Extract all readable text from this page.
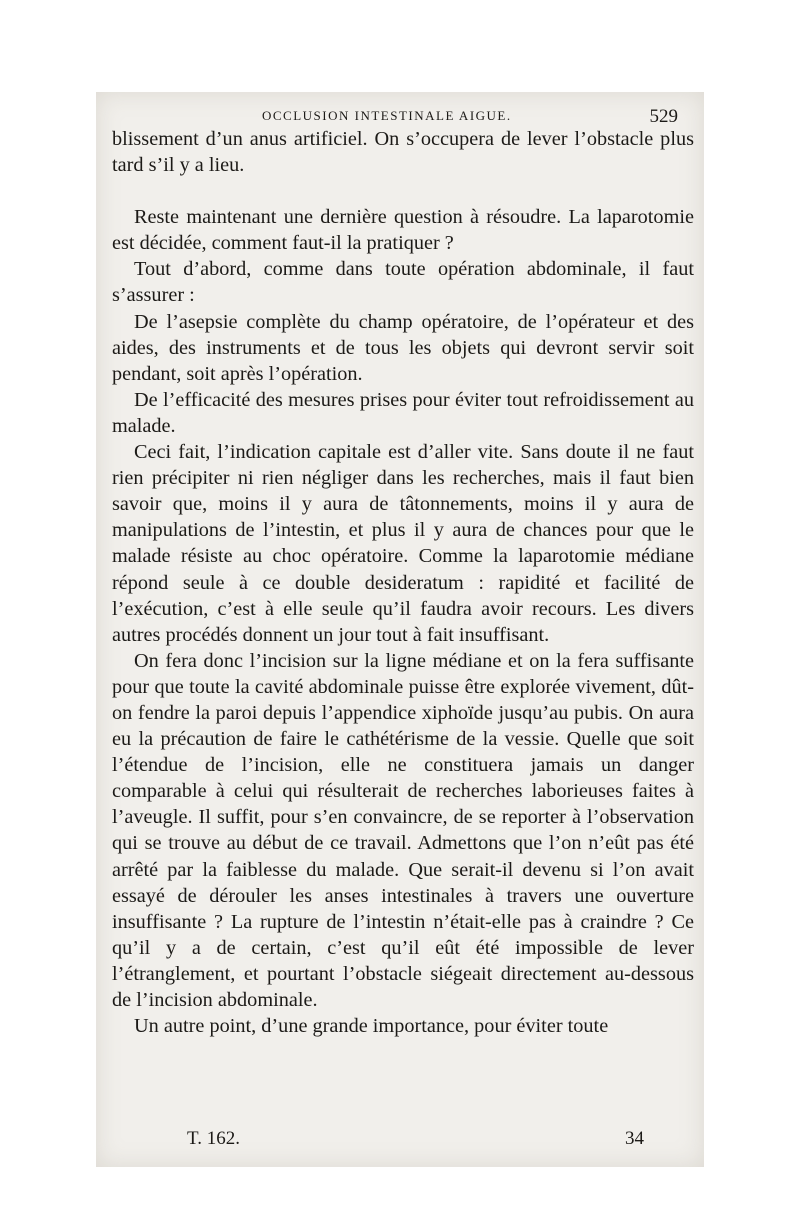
OCCLUSION INTESTINALE AIGUE.	529

blissement d’un anus artificiel. On s’occupera de lever l’obstacle plus tard s’il y a lieu.

Reste maintenant une dernière question à résoudre. La laparotomie est décidée, comment faut-il la pratiquer ?

Tout d’abord, comme dans toute opération abdominale, il faut s’assurer :

De l’asepsie complète du champ opératoire, de l’opérateur et des aides, des instruments et de tous les objets qui devront servir soit pendant, soit après l’opération.

De l’efficacité des mesures prises pour éviter tout refroidissement au malade.

Ceci fait, l’indication capitale est d’aller vite. Sans doute il ne faut rien précipiter ni rien négliger dans les recherches, mais il faut bien savoir que, moins il y aura de tâtonnements, moins il y aura de manipulations de l’intestin, et plus il y aura de chances pour que le malade résiste au choc opératoire. Comme la laparotomie médiane répond seule à ce double desideratum : rapidité et facilité de l’exécution, c’est à elle seule qu’il faudra avoir recours. Les divers autres procédés donnent un jour tout à fait insuffisant.

On fera donc l’incision sur la ligne médiane et on la fera suffisante pour que toute la cavité abdominale puisse être explorée vivement, dût-on fendre la paroi depuis l’appendice xiphoïde jusqu’au pubis. On aura eu la précaution de faire le cathétérisme de la vessie. Quelle que soit l’étendue de l’incision, elle ne constituera jamais un danger comparable à celui qui résulterait de recherches laborieuses faites à l’aveugle. Il suffit, pour s’en convaincre, de se reporter à l’observation qui se trouve au début de ce travail. Admettons que l’on n’eût pas été arrêté par la faiblesse du malade. Que serait-il devenu si l’on avait essayé de dérouler les anses intestinales à travers une ouverture insuffisante ? La rupture de l’intestin n’était-elle pas à craindre ? Ce qu’il y a de certain, c’est qu’il eût été impossible de lever l’étranglement, et pourtant l’obstacle siégeait directement au-dessous de l’incision abdominale.

Un autre point, d’une grande importance, pour éviter toute

T. 162.	34
